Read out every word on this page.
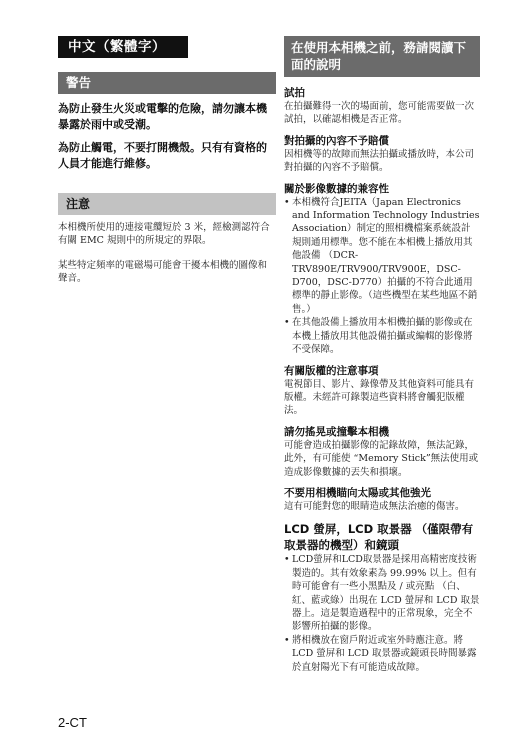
中文（繁體字）
警告

為防止發生火災或電擊的危險，請勿讓本機暴露於雨中或受潮。

為防止觸電，不要打開機殼。只有有資格的人員才能進行維修。

注意

本相機所使用的連接電纜短於 3 米，經檢測認符合有關 EMC 規則中的所規定的界限。

某些特定頻率的電磁場可能會干擾本相機的圖像和聲音。

在使用本相機之前，務請閱讀下面的說明

試拍

在拍攝難得一次的場面前，您可能需要做一次試拍，以確認相機是否正常。

對拍攝的內容不予賠償

因相機等的故障而無法拍攝或播放時，本公司對拍攝的內容不予賠償。

關於影像數據的兼容性

• 本相機符合JEITA（Japan Electronics and Information Technology Industries Association）制定的照相機檔案系統設計規則通用標準。您不能在本相機上播放用其他設備 （DCR-TRV890E/TRV900/TRV900E，DSC-D700，DSC-D770）拍攝的不符合此通用標準的靜止影像。（這些機型在某些地區不銷售。）
• 在其他設備上播放用本相機拍攝的影像或在本機上播放用其他設備拍攝或編輯的影像將不受保障。

有關版權的注意事項

電視節目、影片、錄像帶及其他資料可能具有版權。未經許可錄製這些資料將會觸犯版權法。

請勿搖晃或撞擊本相機

可能會造成拍攝影像的記錄故障，無法記錄，此外，有可能使 “Memory Stick”無法使用或造成影像數據的丟失和損壞。

不要用相機瞄向太陽或其他強光

這有可能對您的眼睛造成無法治癒的傷害。

LCD 螢屏，LCD 取景器 （僅限帶有取景器的機型）和鏡頭

• LCD螢屏和LCD取景器是採用高精密度技術製造的。其有效象素為 99.99% 以上。但有時可能會有一些小黑點及 / 或亮點 （白、紅、藍或綠）出現在 LCD 螢屏和 LCD 取景器上。這是製造過程中的正常現象，完全不影響所拍攝的影像。
• 將相機放在窗戶附近或室外時應注意。將 LCD 螢屏和 LCD 取景器或鏡頭長時間暴露於直射陽光下有可能造成故障。
2-CT
